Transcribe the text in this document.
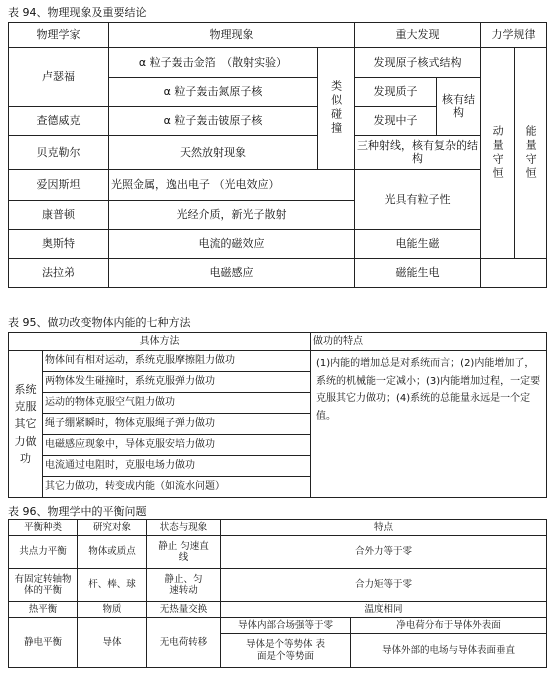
表 94、物理现象及重要结论
物理学家	物理现象		重大发现		力学规律	
卢瑟福	α 粒子轰击金箔　（散射实验）	类似碰撞	发现原子核式结构		动量守恒	能量守恒
	α 粒子轰击氮原子核		发现质子	核有结构		
查德威克	α 粒子轰击铍原子核		发现中子			
贝克勒尔	天然放射现象		三种射线，核有复杂的结构			
爱因斯坦	光照金属，逸出电子 （光电效应）		光具有粒子性			
康普顿	光经介质，新光子散射					
奥斯特	电流的磁效应		电能生磁			
法拉弟	电磁感应		磁能生电			
表 95、做功改变物体内能的七种方法
具体方法		做功的特点

系统克服其它力做功	物体间有相对运动，系统克服摩擦阻力做功	(1)内能的增加总是对系统而言；(2)内能增加了，系统的机械能一定减小；(3)内能增加过程，一定要克服其它力做功；(4)系统的总能量永远是一个定值。
	两物体发生碰撞时，系统克服弹力做功	
	运动的物体克服空气阻力做功	
	绳子绷紧瞬时，物体克服绳子弹力做功	
	电磁感应现象中，导体克服安培力做功	
	电流通过电阻时，克服电场力做功	
	其它力做功，转变成内能（如流水问题）	
表 96、物理学中的平衡问题
平衡种类	研究对象	状态与现象	特点	
共点力平衡	物体或质点	静止 匀速直线	合外力等于零	
有固定转轴物体的平衡	杆、棒、球	静止、匀速转动	合力矩等于零	
热平衡	物质	无热量交换	温度相同	
静电平衡	导体	无电荷转移	导体内部合场强等于零	净电荷分布于导体外表面

			导体是个等势体 表面是个等势面	导体外部的电场与导体表面垂直
